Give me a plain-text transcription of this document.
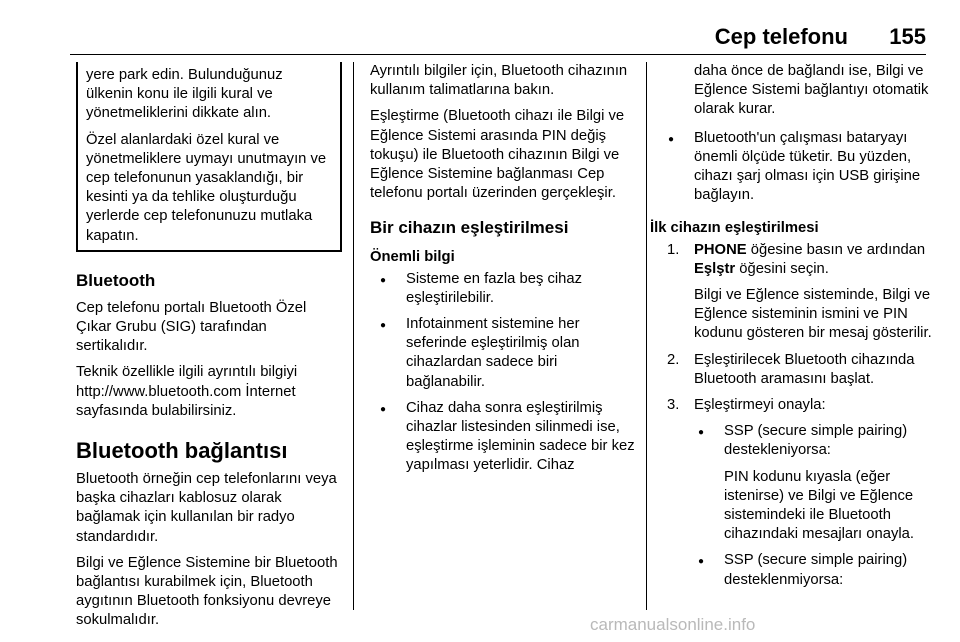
Cep telefonu 155

yere park edin. Bulunduğunuz ülkenin konu ile ilgili kural ve yönetmeliklerini dikkate alın.

Özel alanlardaki özel kural ve yönetmeliklere uymayı unutmayın ve cep telefonunun yasaklandığı, bir kesinti ya da tehlike oluşturduğu yerlerde cep telefonunuzu mutlaka kapatın.

Bluetooth

Cep telefonu portalı Bluetooth Özel Çıkar Grubu (SIG) tarafından sertikalıdır.

Teknik özellikle ilgili ayrıntılı bilgiyi http://www.bluetooth.com İnternet sayfasında bulabilirsiniz.

Bluetooth bağlantısı

Bluetooth örneğin cep telefonlarını veya başka cihazları kablosuz olarak bağlamak için kullanılan bir radyo standardıdır.

Bilgi ve Eğlence Sistemine bir Bluetooth bağlantısı kurabilmek için, Bluetooth aygıtının Bluetooth fonksiyonu devreye sokulmalıdır.

Ayrıntılı bilgiler için, Bluetooth cihazının kullanım talimatlarına bakın.

Eşleştirme (Bluetooth cihazı ile Bilgi ve Eğlence Sistemi arasında PIN değiş tokuşu) ile Bluetooth cihazının Bilgi ve Eğlence Sistemine bağlanması Cep telefonu portalı üzerinden gerçekleşir.

Bir cihazın eşleştirilmesi
Önemli bilgi
● Sisteme en fazla beş cihaz eşleştirilebilir.
● Infotainment sistemine her seferinde eşleştirilmiş olan cihazlardan sadece biri bağlanabilir.
● Cihaz daha sonra eşleştirilmiş cihazlar listesinden silinmedi ise, eşleştirme işleminin sadece bir kez yapılması yeterlidir. Cihaz

daha önce de bağlandı ise, Bilgi ve Eğlence Sistemi bağlantıyı otomatik olarak kurar.

● Bluetooth'un çalışması bataryayı önemli ölçüde tüketir. Bu yüzden, cihazı şarj olması için USB girişine bağlayın.
İlk cihazın eşleştirilmesi
1. PHONE öğesine basın ve ardından Eşlştr öğesini seçin.

Bilgi ve Eğlence sisteminde, Bilgi ve Eğlence sisteminin ismini ve PIN kodunu gösteren bir mesaj gösterilir.

2. Eşleştirilecek Bluetooth cihazında Bluetooth aramasını başlat.
3. Eşleştirmeyi onayla:
● SSP (secure simple pairing) destekleniyorsa:

PIN kodunu kıyasla (eğer istenirse) ve Bilgi ve Eğlence sistemindeki ile Bluetooth cihazındaki mesajları onayla.

● SSP (secure simple pairing) desteklenmiyorsa:
carmanualsonline.info
